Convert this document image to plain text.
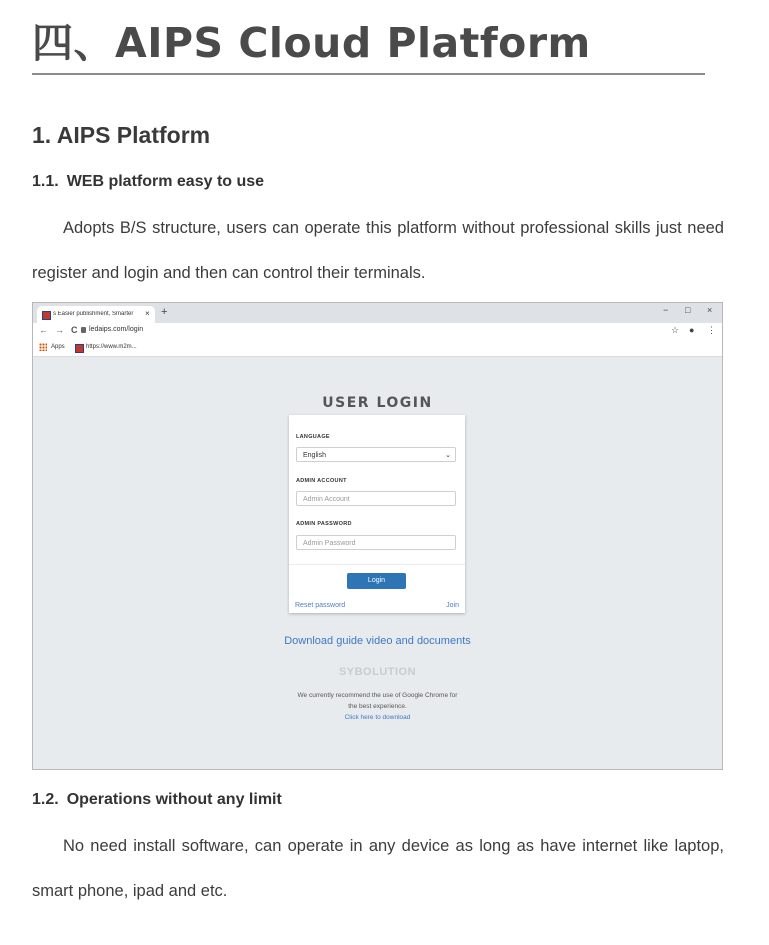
四、AIPS Cloud Platform
1. AIPS Platform
1.1. WEB platform easy to use
Adopts B/S structure, users can operate this platform without professional skills just need register and login and then can control their terminals.
s Easier publishment, Smarter	× +	− □ ×
← → C ledaips.com/login	☆ ● ⋮
Apps	https://www.m2m...
USER LOGIN
LANGUAGE
English	⌄
ADMIN ACCOUNT
Admin Account
ADMIN PASSWORD
Admin Password
Login
Reset password	Join
Download guide video and documents
SYBOLUTION
We currently recommend the use of Google Chrome for
the best experience.
Click here to download
1.2. Operations without any limit
No need install software, can operate in any device as long as have internet like laptop, smart phone, ipad and etc.
